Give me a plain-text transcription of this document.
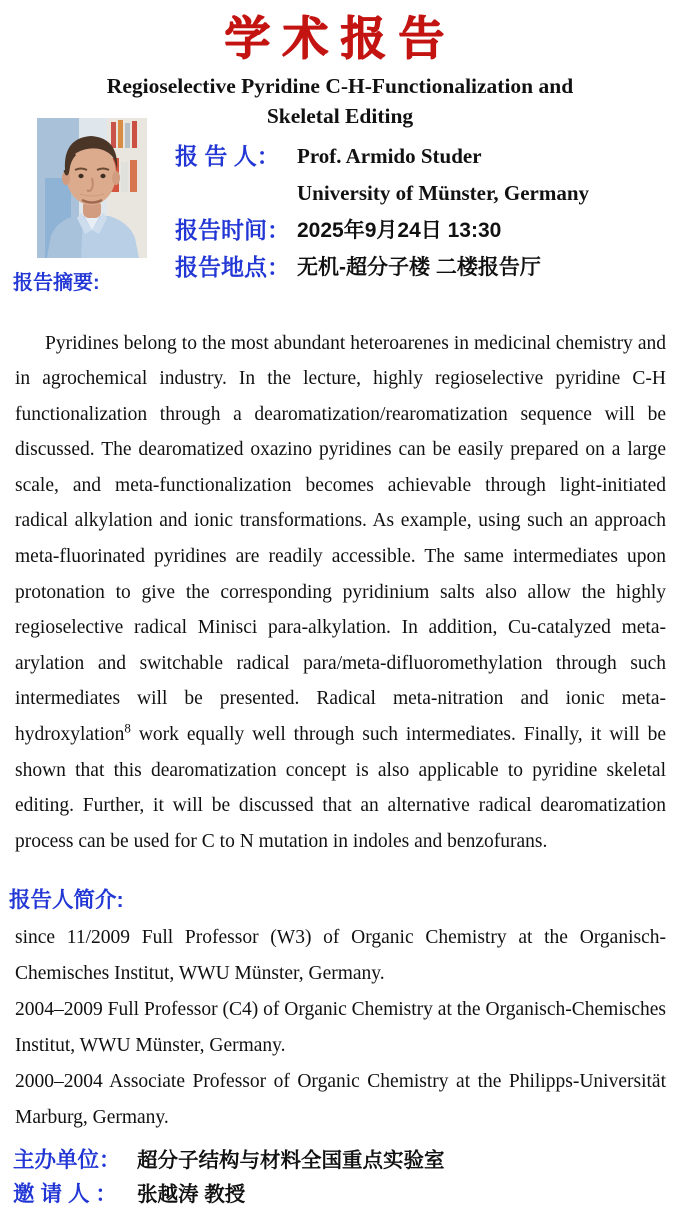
学术报告
Regioselective Pyridine C-H-Functionalization and
Skeletal Editing
报 告 人： Prof. Armido Studer
University of Münster, Germany
报告时间： 2025年9月24日 13:30
报告地点： 无机-超分子楼 二楼报告厅
报告摘要:

Pyridines belong to the most abundant heteroarenes in medicinal chemistry and in agrochemical industry. In the lecture, highly regioselective pyridine C-H functionalization through a dearomatization/rearomatization sequence will be discussed. The dearomatized oxazino pyridines can be easily prepared on a large scale, and meta-functionalization becomes achievable through light-initiated radical alkylation and ionic transformations. As example, using such an approach meta-fluorinated pyridines are readily accessible. The same intermediates upon protonation to give the corresponding pyridinium salts also allow the highly regioselective radical Minisci para-alkylation. In addition, Cu-catalyzed meta-arylation and switchable radical para/meta-difluoromethylation through such intermediates will be presented. Radical meta-nitration and ionic meta-hydroxylation$^8$ work equally well through such intermediates. Finally, it will be shown that this dearomatization concept is also applicable to pyridine skeletal editing. Further, it will be discussed that an alternative radical dearomatization process can be used for C to N mutation in indoles and benzofurans.

报告人简介:

since 11/2009 Full Professor (W3) of Organic Chemistry at the Organisch-Chemisches Institut, WWU Münster, Germany.

2004–2009 Full Professor (C4) of Organic Chemistry at the Organisch-Chemisches Institut, WWU Münster, Germany.

2000–2004 Associate Professor of Organic Chemistry at the Philipps-Universität Marburg, Germany.

主办单位： 超分子结构与材料全国重点实验室
邀 请 人 ： 张越涛 教授
